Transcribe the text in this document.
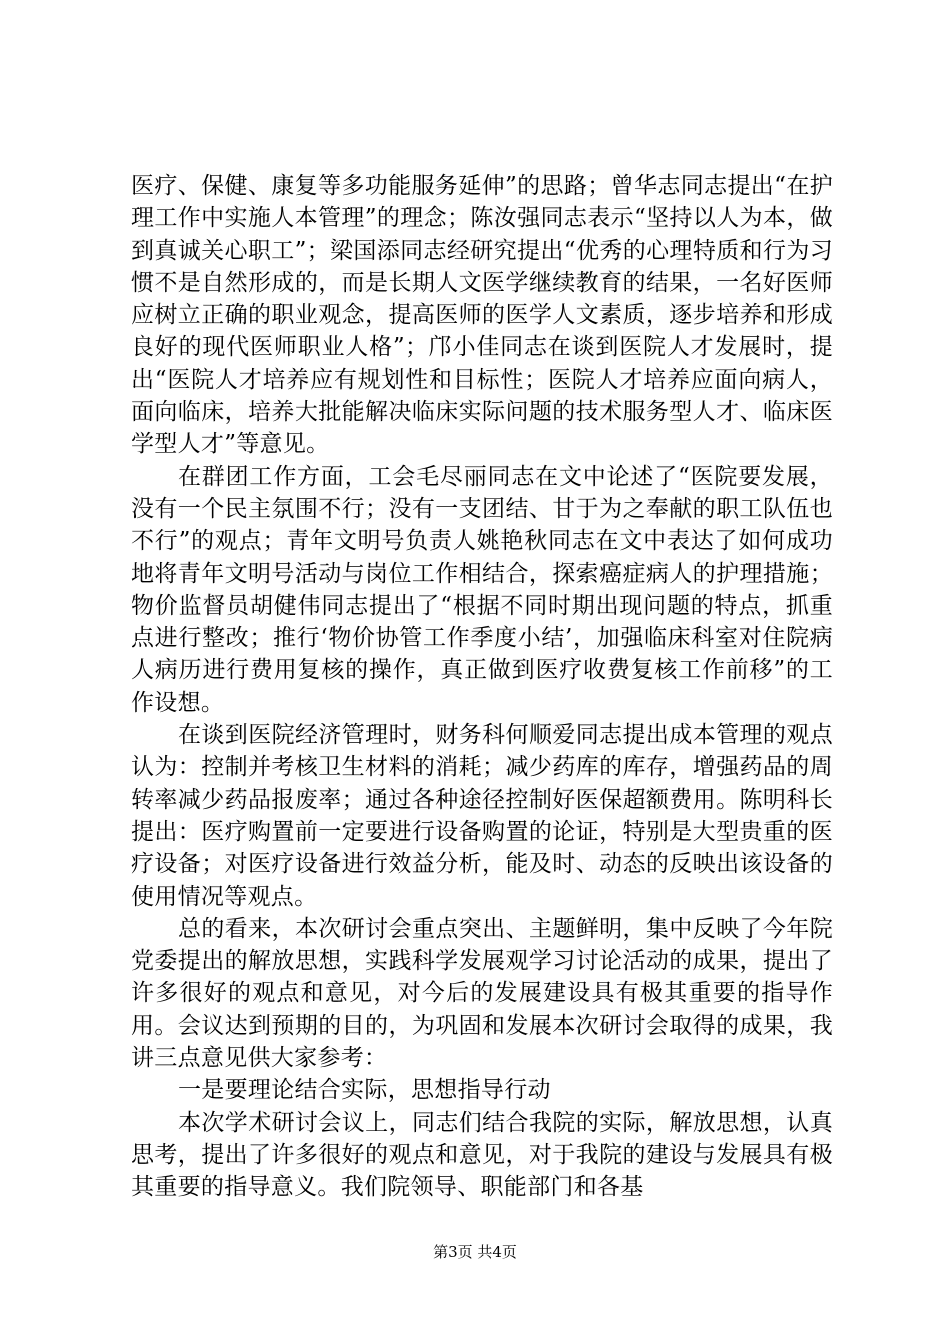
医疗、保健、康复等多功能服务延伸”的思路；曾华志同志提出“在护理工作中实施人本管理”的理念；陈汝强同志表示“坚持以人为本，做到真诚关心职工”；梁国添同志经研究提出“优秀的心理特质和行为习惯不是自然形成的，而是长期人文医学继续教育的结果，一名好医师应树立正确的职业观念，提高医师的医学人文素质，逐步培养和形成良好的现代医师职业人格”；邝小佳同志在谈到医院人才发展时，提出“医院人才培养应有规划性和目标性；医院人才培养应面向病人，面向临床，培养大批能解决临床实际问题的技术服务型人才、临床医学型人才”等意见。

在群团工作方面，工会毛尽丽同志在文中论述了“医院要发展，没有一个民主氛围不行；没有一支团结、甘于为之奉献的职工队伍也不行”的观点；青年文明号负责人姚艳秋同志在文中表达了如何成功地将青年文明号活动与岗位工作相结合，探索癌症病人的护理措施；物价监督员胡健伟同志提出了“根据不同时期出现问题的特点，抓重点进行整改；推行‘物价协管工作季度小结’，加强临床科室对住院病人病历进行费用复核的操作，真正做到医疗收费复核工作前移”的工作设想。

在谈到医院经济管理时，财务科何顺爱同志提出成本管理的观点认为：控制并考核卫生材料的消耗；减少药库的库存，增强药品的周转率减少药品报废率；通过各种途径控制好医保超额费用。陈明科长提出：医疗购置前一定要进行设备购置的论证，特别是大型贵重的医疗设备；对医疗设备进行效益分析，能及时、动态的反映出该设备的使用情况等观点。

总的看来，本次研讨会重点突出、主题鲜明，集中反映了今年院党委提出的解放思想，实践科学发展观学习讨论活动的成果，提出了许多很好的观点和意见，对今后的发展建设具有极其重要的指导作用。会议达到预期的目的，为巩固和发展本次研讨会取得的成果，我讲三点意见供大家参考：

一是要理论结合实际，思想指导行动

本次学术研讨会议上，同志们结合我院的实际，解放思想，认真思考，提出了许多很好的观点和意见，对于我院的建设与发展具有极其重要的指导意义。我们院领导、职能部门和各基

第3页 共4页
